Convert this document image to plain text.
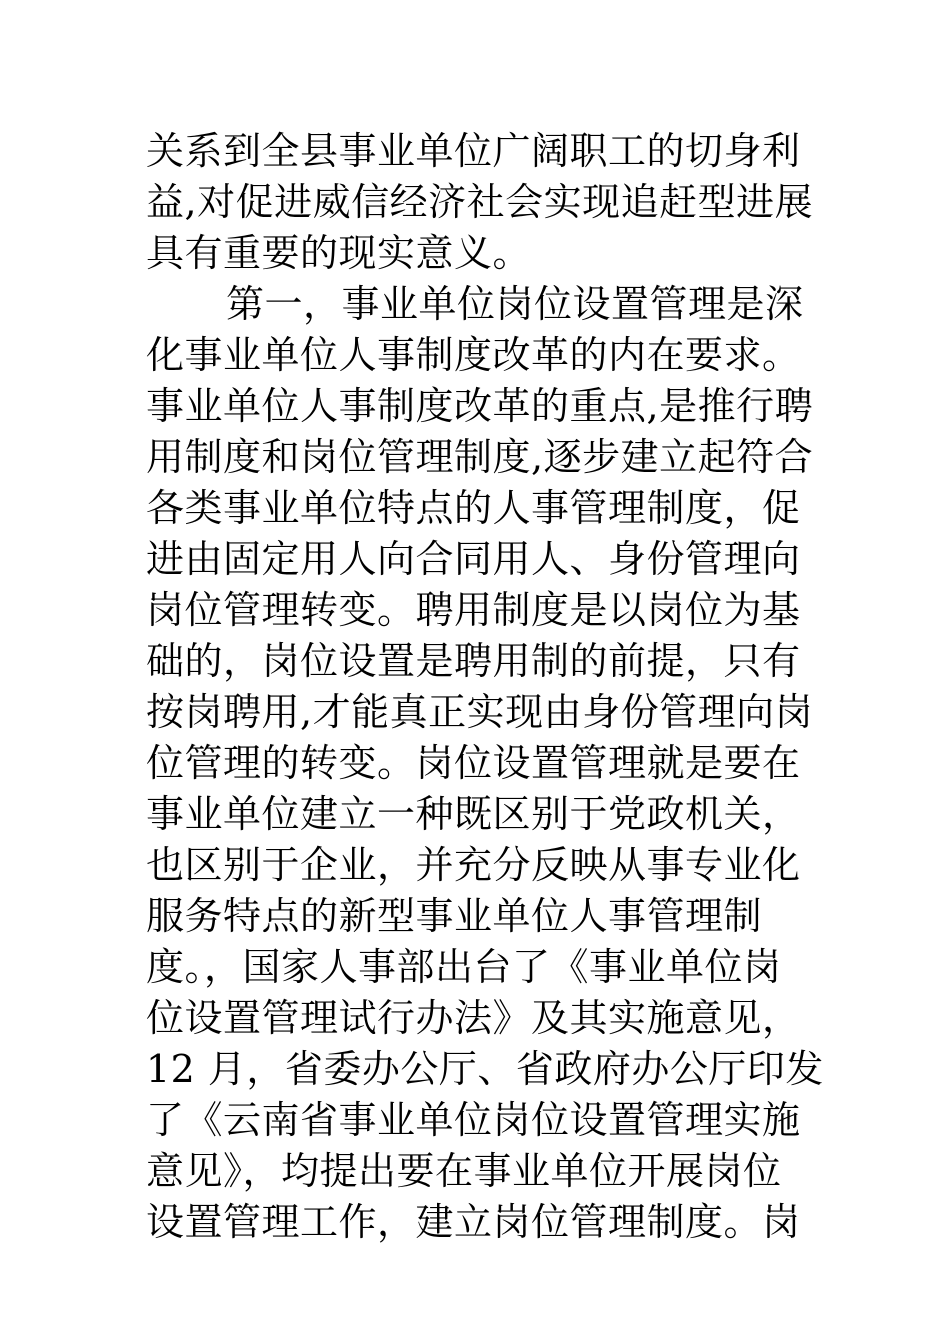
关系到全县事业单位广阔职工的切身利
益,对促进威信经济社会实现追赶型进展
具有重要的现实意义。
第一，事业单位岗位设置管理是深
化事业单位人事制度改革的内在要求。
事业单位人事制度改革的重点,是推行聘
用制度和岗位管理制度,逐步建立起符合
各类事业单位特点的人事管理制度，促
进由固定用人向合同用人、身份管理向
岗位管理转变。聘用制度是以岗位为基
础的，岗位设置是聘用制的前提，只有
按岗聘用,才能真正实现由身份管理向岗
位管理的转变。岗位设置管理就是要在
事业单位建立一种既区别于党政机关，
也区别于企业，并充分反映从事专业化
服务特点的新型事业单位人事管理制
度。，国家人事部出台了《事业单位岗
位设置管理试行办法》及其实施意见，
12 月，省委办公厅、省政府办公厅印发
了《云南省事业单位岗位设置管理实施
意见》，均提出要在事业单位开展岗位
设置管理工作，建立岗位管理制度。岗
